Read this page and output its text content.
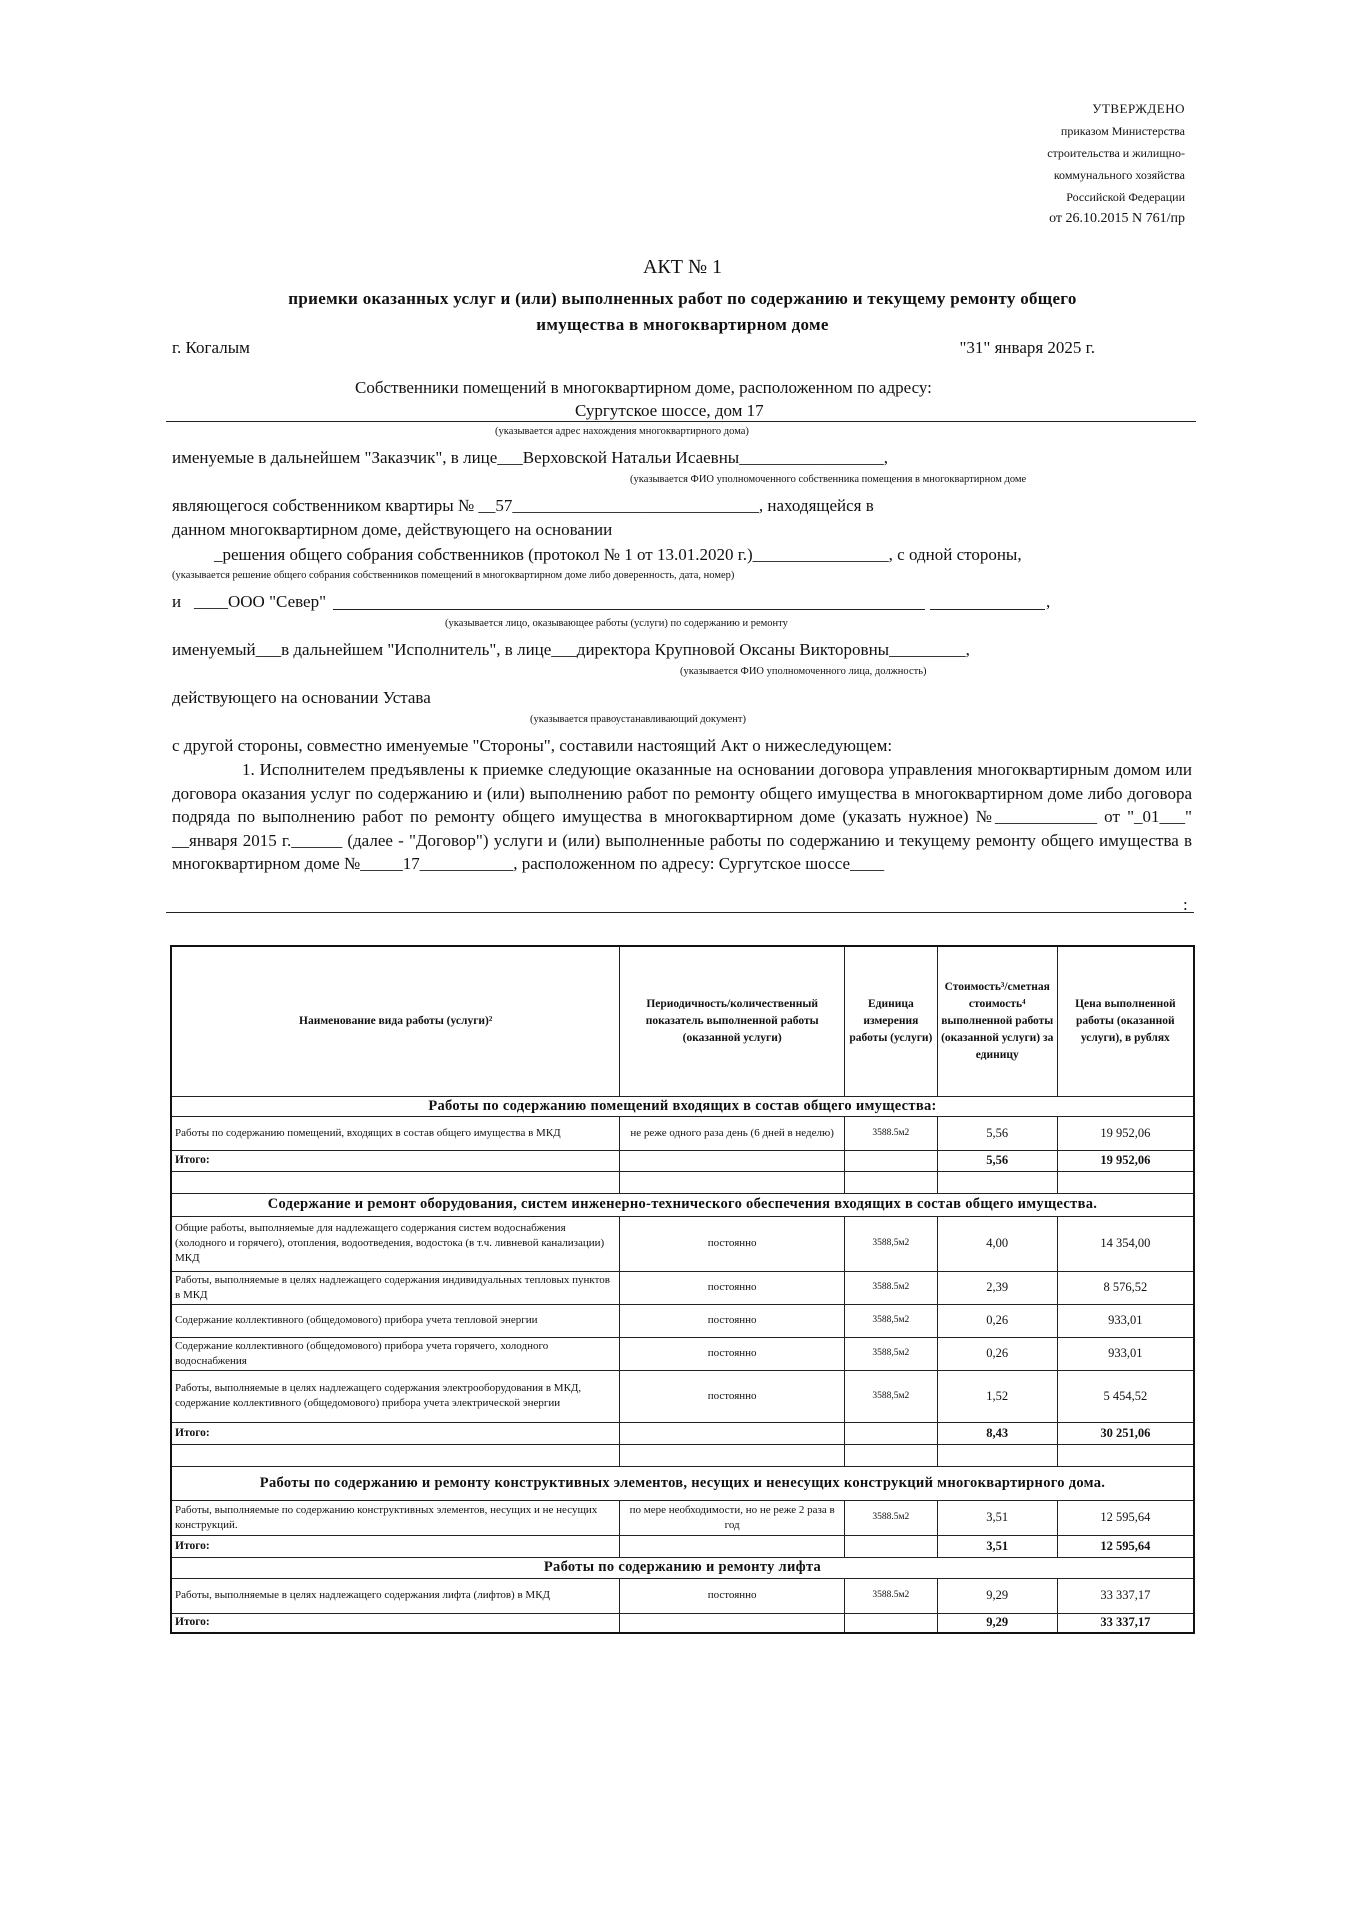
УТВЕРЖДЕНО
приказом Министерства
строительства и жилищно-
коммунального хозяйства
Российской Федерации
от 26.10.2015 N 761/пр
АКТ № 1
приемки оказанных услуг и (или) выполненных работ по содержанию и текущему ремонту общего
имущества в многоквартирном доме
г. Когалым	"31" января 2025 г.
Собственники помещений в многоквартирном доме, расположенном по адресу:
Сургутское шоссе, дом 17
(указывается адрес нахождения многоквартирного дома)
именуемые в дальнейшем "Заказчик", в лице___Верховской Натальи Исаевны_________________,
(указывается ФИО уполномоченного собственника помещения в многоквартирном доме
являющегося собственником квартиры № __57_____________________________, находящейся в
данном многоквартирном доме, действующего на основании
_решения общего собрания собственников (протокол № 1 от 13.01.2020 г.)________________, с одной стороны,
(указывается решение общего собрания собственников помещений в многоквартирном доме либо доверенность, дата, номер)
и ____ООО "Север"	,
(указывается лицо, оказывающее работы (услуги) по содержанию и ремонту
именуемый___в дальнейшем "Исполнитель", в лице___директора Крупновой Оксаны Викторовны_________,
(указывается ФИО уполномоченного лица, должность)
действующего на основании Устава
(указывается правоустанавливающий документ)
с другой стороны, совместно именуемые "Стороны", составили настоящий Акт о нижеследующем:
1. Исполнителем предъявлены к приемке следующие оказанные на основании договора управления многоквартирным домом или договора оказания услуг по содержанию и (или) выполнению работ по ремонту общего имущества в многоквартирном доме либо договора подряда по выполнению работ по ремонту общего имущества в многоквартирном доме (указать нужное) №____________ от "_01___" __января 2015 г.______ (далее - "Договор") услуги и (или) выполненные работы по содержанию и текущему ремонту общего имущества в многоквартирном доме №_____17___________, расположенном по адресу: Сургутское шоссе____
:
Наименование вида работы (услуги)²	Периодичность/количественный показатель выполненной работы (оказанной услуги)	Единица измерения работы (услуги)	Стоимость³/сметная стоимость⁴ выполненной работы (оказанной услуги) за единицу	Цена выполненной работы (оказанной услуги), в рублях
Работы по содержанию помещений входящих в состав общего имущества:				
Работы по содержанию помещений, входящих в состав общего имущества в МКД	не реже одного раза день (6 дней в неделю)	3588.5м2	5,56	19 952,06
Итого:			5,56	19 952,06

Содержание и ремонт оборудования, систем инженерно-технического обеспечения входящих в состав общего имущества.				
Общие работы, выполняемые для надлежащего содержания систем водоснабжения (холодного и горячего), отопления, водоотведения, водостока (в т.ч. ливневой канализации) МКД	постоянно	3588,5м2	4,00	14 354,00
Работы, выполняемые в целях надлежащего содержания индивидуальных тепловых пунктов в МКД	постоянно	3588.5м2	2,39	8 576,52
Содержание коллективного (общедомового) прибора учета тепловой энергии	постоянно	3588,5м2	0,26	933,01
Содержание коллективного (общедомового) прибора учета горячего, холодного водоснабжения	постоянно	3588,5м2	0,26	933,01
Работы, выполняемые в целях надлежащего содержания электрооборудования в МКД, содержание коллективного (общедомового) прибора учета электрической энергии	постоянно	3588,5м2	1,52	5 454,52
Итого:			8,43	30 251,06

Работы по содержанию и ремонту конструктивных элементов, несущих и ненесущих конструкций многоквартирного дома.				
Работы, выполняемые по содержанию конструктивных элементов, несущих и не несущих конструкций.	по мере необходимости, но не реже 2 раза в год	3588.5м2	3,51	12 595,64
Итого:			3,51	12 595,64
Работы по содержанию и ремонту лифта				
Работы, выполняемые в целях надлежащего содержания лифта (лифтов) в МКД	постоянно	3588.5м2	9,29	33 337,17
Итого:			9,29	33 337,17
